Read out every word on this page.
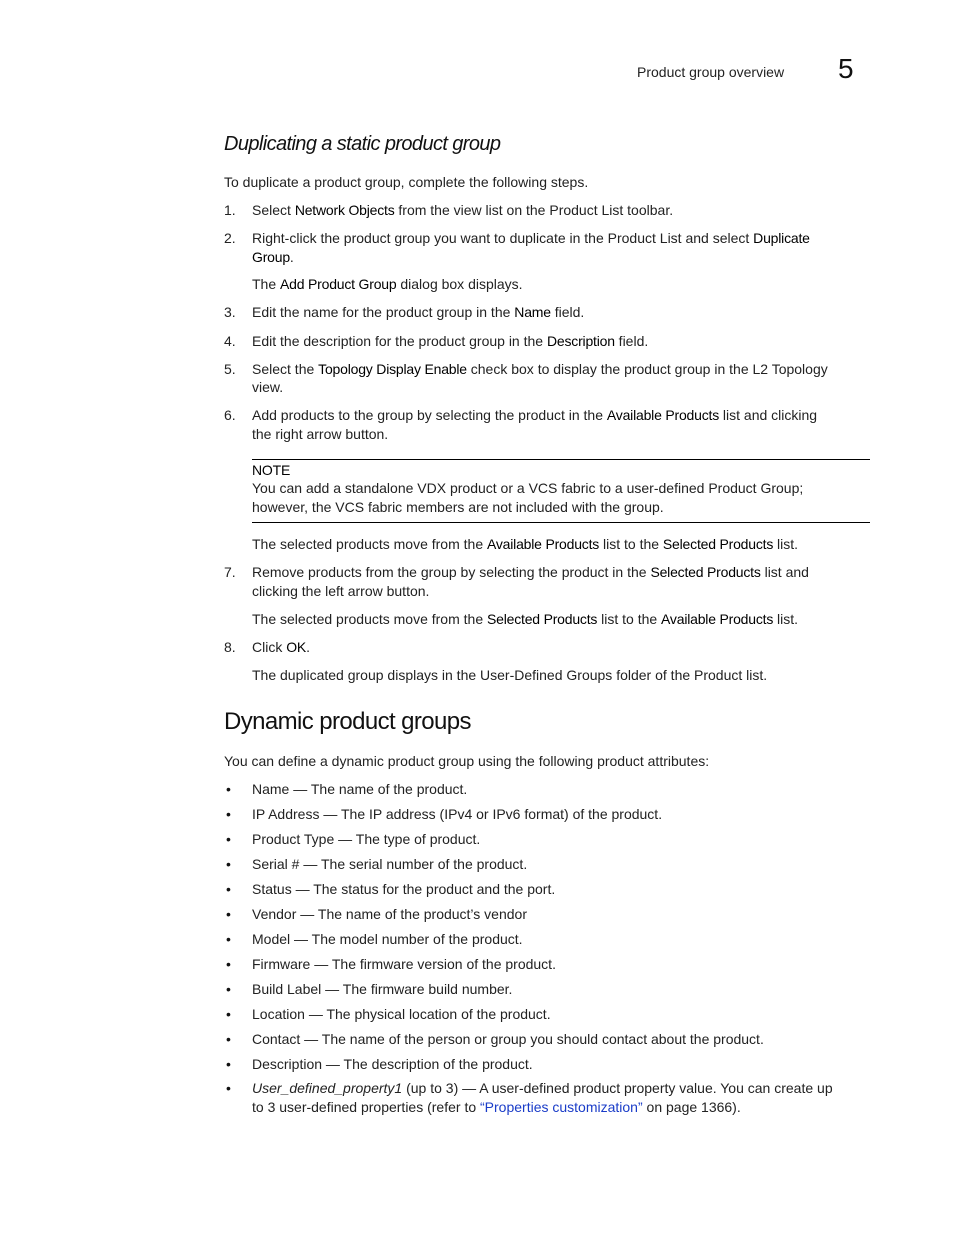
Product group overview 5
Duplicating a static product group
To duplicate a product group, complete the following steps.
1. Select Network Objects from the view list on the Product List toolbar.
2. Right-click the product group you want to duplicate in the Product List and select Duplicate
Group.
The Add Product Group dialog box displays.
3. Edit the name for the product group in the Name field.
4. Edit the description for the product group in the Description field.
5. Select the Topology Display Enable check box to display the product group in the L2 Topology
view.
6. Add products to the group by selecting the product in the Available Products list and clicking
the right arrow button.
NOTE
You can add a standalone VDX product or a VCS fabric to a user-defined Product Group;
however, the VCS fabric members are not included with the group.
The selected products move from the Available Products list to the Selected Products list.
7. Remove products from the group by selecting the product in the Selected Products list and
clicking the left arrow button.
The selected products move from the Selected Products list to the Available Products list.
8. Click OK.
The duplicated group displays in the User-Defined Groups folder of the Product list.
Dynamic product groups
You can define a dynamic product group using the following product attributes:
• Name — The name of the product.
• IP Address — The IP address (IPv4 or IPv6 format) of the product.
• Product Type — The type of product.
• Serial # — The serial number of the product.
• Status — The status for the product and the port.
• Vendor — The name of the product’s vendor
• Model — The model number of the product.
• Firmware — The firmware version of the product.
• Build Label — The firmware build number.
• Location — The physical location of the product.
• Contact — The name of the person or group you should contact about the product.
• Description — The description of the product.
• User_defined_property1 (up to 3) — A user-defined product property value. You can create up
to 3 user-defined properties (refer to “Properties customization” on page 1366).
